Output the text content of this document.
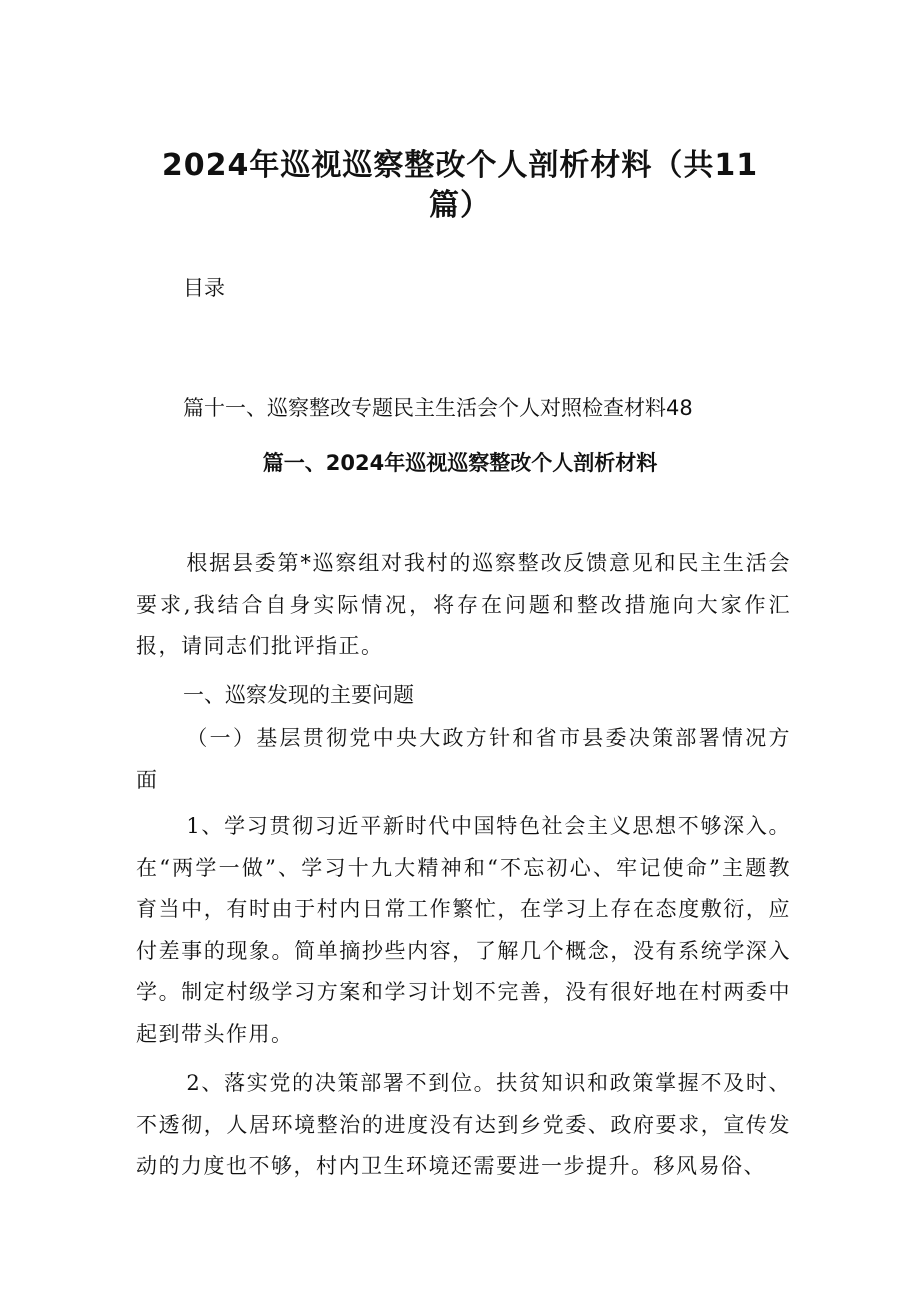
2024年巡视巡察整改个人剖析材料（共11
篇）
目录
篇十一、巡察整改专题民主生活会个人对照检查材料48
篇一、2024年巡视巡察整改个人剖析材料
根据县委第*巡察组对我村的巡察整改反馈意见和民主生活会要求,我结合自身实际情况，将存在问题和整改措施向大家作汇报，请同志们批评指正。
一、巡察发现的主要问题
（一）基层贯彻党中央大政方针和省市县委决策部署情况方面
1、学习贯彻习近平新时代中国特色社会主义思想不够深入。在“两学一做”、学习十九大精神和“不忘初心、牢记使命”主题教育当中，有时由于村内日常工作繁忙，在学习上存在态度敷衍，应付差事的现象。简单摘抄些内容，了解几个概念，没有系统学深入学。制定村级学习方案和学习计划不完善，没有很好地在村两委中起到带头作用。
2、落实党的决策部署不到位。扶贫知识和政策掌握不及时、不透彻，人居环境整治的进度没有达到乡党委、政府要求，宣传发动的力度也不够，村内卫生环境还需要进一步提升。移风易俗、
